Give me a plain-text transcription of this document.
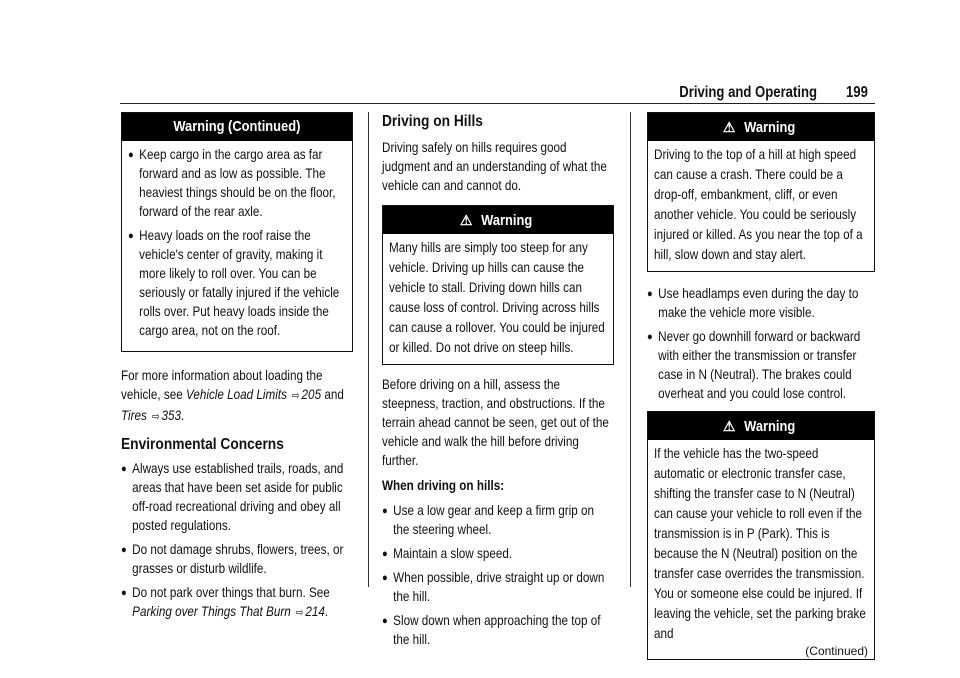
Driving and Operating 199
Warning (Continued)
● Keep cargo in the cargo area as far forward and as low as possible. The heaviest things should be on the floor, forward of the rear axle.
● Heavy loads on the roof raise the vehicle's center of gravity, making it more likely to roll over. You can be seriously or fatally injured if the vehicle rolls over. Put heavy loads inside the cargo area, not on the roof.
For more information about loading the vehicle, see Vehicle Load Limits ⇨ 205 and Tires ⇨ 353.
Environmental Concerns
● Always use established trails, roads, and areas that have been set aside for public off-road recreational driving and obey all posted regulations.
● Do not damage shrubs, flowers, trees, or grasses or disturb wildlife.
● Do not park over things that burn. See Parking over Things That Burn ⇨ 214.
Driving on Hills
Driving safely on hills requires good judgment and an understanding of what the vehicle can and cannot do.
⚠ Warning
Many hills are simply too steep for any vehicle. Driving up hills can cause the vehicle to stall. Driving down hills can cause loss of control. Driving across hills can cause a rollover. You could be injured or killed. Do not drive on steep hills.
Before driving on a hill, assess the steepness, traction, and obstructions. If the terrain ahead cannot be seen, get out of the vehicle and walk the hill before driving further.
When driving on hills:
● Use a low gear and keep a firm grip on the steering wheel.
● Maintain a slow speed.
● When possible, drive straight up or down the hill.
● Slow down when approaching the top of the hill.
⚠ Warning
Driving to the top of a hill at high speed can cause a crash. There could be a drop-off, embankment, cliff, or even another vehicle. You could be seriously injured or killed. As you near the top of a hill, slow down and stay alert.
● Use headlamps even during the day to make the vehicle more visible.
● Never go downhill forward or backward with either the transmission or transfer case in N (Neutral). The brakes could overheat and you could lose control.
⚠ Warning
If the vehicle has the two-speed automatic or electronic transfer case, shifting the transfer case to N (Neutral) can cause your vehicle to roll even if the transmission is in P (Park). This is because the N (Neutral) position on the transfer case overrides the transmission. You or someone else could be injured. If leaving the vehicle, set the parking brake and
(Continued)
